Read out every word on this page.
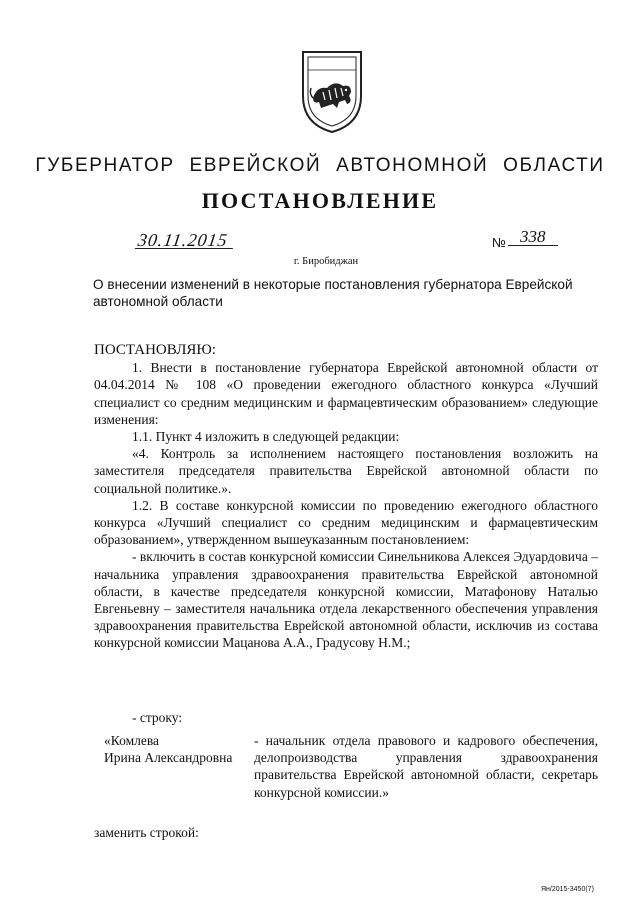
ГУБЕРНАТОР ЕВРЕЙСКОЙ АВТОНОМНОЙ ОБЛАСТИ
ПОСТАНОВЛЕНИЕ
30.11.2015	№ 338
г. Биробиджан
О внесении изменений в некоторые постановления губернатора Еврейской автономной области

ПОСТАНОВЛЯЮ:

1. Внести в постановление губернатора Еврейской автономной области от 04.04.2014 № 108 «О проведении ежегодного областного конкурса «Лучший специалист со средним медицинским и фармацевтическим образованием» следующие изменения:

1.1. Пункт 4 изложить в следующей редакции:

«4. Контроль за исполнением настоящего постановления возложить на заместителя председателя правительства Еврейской автономной области по социальной политике.».

1.2. В составе конкурсной комиссии по проведению ежегодного областного конкурса «Лучший специалист со средним медицинским и фармацевтическим образованием», утвержденном вышеуказанным постановлением:

- включить в состав конкурсной комиссии Синельникова Алексея Эдуардовича – начальника управления здравоохранения правительства Еврейской автономной области, в качестве председателя конкурсной комиссии, Матафонову Наталью Евгеньевну – заместителя начальника отдела лекарственного обеспечения управления здравоохранения правительства Еврейской автономной области, исключив из состава конкурсной комиссии Мацанова А.А., Градусову Н.М.;

- строку:
«Комлева
Ирина Александровна
- начальник отдела правового и кадрового обеспечения, делопроизводства управления здравоохранения правительства Еврейской автономной области, секретарь конкурсной комиссии.»
заменить строкой:
Ян/2015-3450(7)
